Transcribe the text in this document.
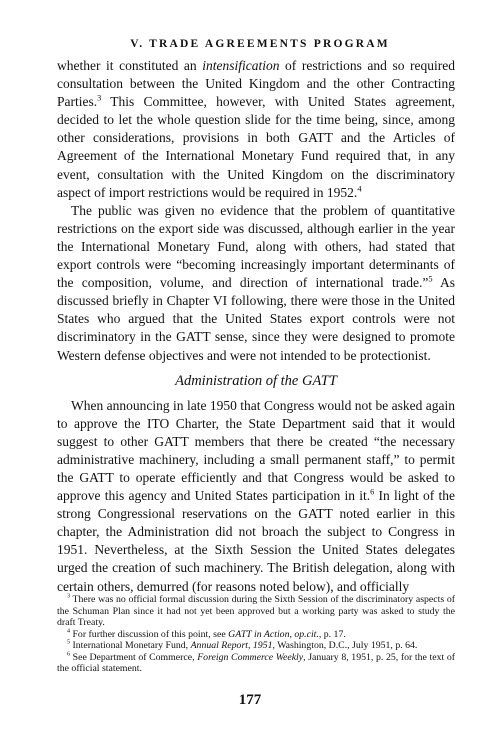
V. TRADE AGREEMENTS PROGRAM

whether it constituted an intensification of restrictions and so required consultation between the United Kingdom and the other Contracting Parties.$^3$ This Committee, however, with United States agreement, decided to let the whole question slide for the time being, since, among other considerations, provisions in both GATT and the Articles of Agreement of the International Monetary Fund required that, in any event, consultation with the United Kingdom on the discriminatory aspect of import restrictions would be required in 1952.$^4$

The public was given no evidence that the problem of quantitative restrictions on the export side was discussed, although earlier in the year the International Monetary Fund, along with others, had stated that export controls were “becoming increasingly important determinants of the composition, volume, and direction of international trade.”$^5$ As discussed briefly in Chapter VI following, there were those in the United States who argued that the United States export controls were not discriminatory in the GATT sense, since they were designed to promote Western defense objectives and were not intended to be protectionist.

Administration of the GATT

When announcing in late 1950 that Congress would not be asked again to approve the ITO Charter, the State Department said that it would suggest to other GATT members that there be created “the necessary administrative machinery, including a small permanent staff,” to permit the GATT to operate efficiently and that Congress would be asked to approve this agency and United States participation in it.$^6$ In light of the strong Congressional reservations on the GATT noted earlier in this chapter, the Administration did not broach the subject to Congress in 1951. Nevertheless, at the Sixth Session the United States delegates urged the creation of such machinery. The British delegation, along with certain others, demurred (for reasons noted below), and officially

$^3$ There was no official formal discussion during the Sixth Session of the discriminatory aspects of the Schuman Plan since it had not yet been approved but a working party was asked to study the draft Treaty.

$^4$ For further discussion of this point, see GATT in Action, op.cit., p. 17.

$^5$ International Monetary Fund, Annual Report, 1951, Washington, D.C., July 1951, p. 64.

$^6$ See Department of Commerce, Foreign Commerce Weekly, January 8, 1951, p. 25, for the text of the official statement.

177
